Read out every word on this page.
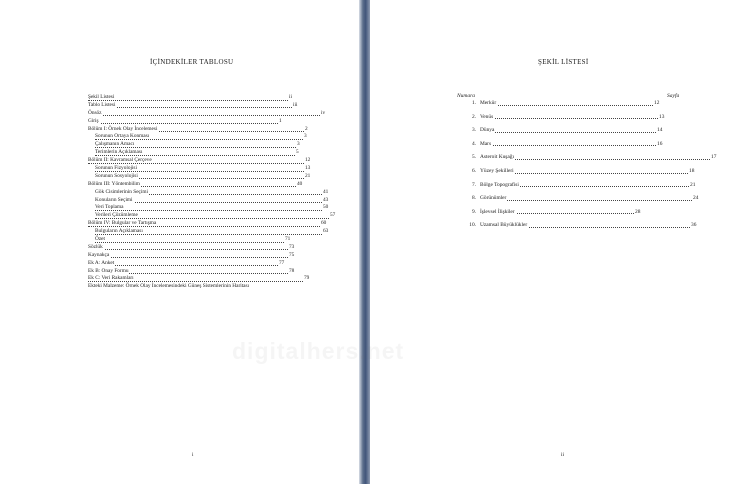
İÇİNDEKİLER TABLOSU
Şekil Listesi	ii
Tablo Listesi	iii
Önsöz	iv
Giriş	1
Bölüm I: Örnek Olay İncelemesi	2
Sorunun Ortaya Konması	3
Çalışmanın Amacı	3
Terimlerin Açıklaması	5
Bölüm II: Kavramsal Çerçeve	12
Sorunun Fizyolojisi	13
Sorunun Sosyolojisi	21
Bölüm III: Yöntembilim	40
Gök Cisimlerinin Seçimi	41
Konuların Seçimi	43
Veri Toplama	50
Verileri Çözümleme	57
Bölüm IV: Bulgular ve Tartışma	60
Bulguların Açıklaması	63
Özet	71
Sözlük	73
Kaynakça	75
Ek A: Anket	77
Ek B: Onay Formu	78
Ek C: Veri Rakamları	79
Ekteki Malzeme: Örnek Olay İncelemesindeki Güneş Sistemlerinin Haritası
i
ŞEKİL LİSTESİ
ii
Numara	Sayfa
1. Merkür	12
2. Venüs	13
3. Dünya	14
4. Mars	16
5. Asteroit Kuşağı	17
6. Yüzey Şekilleri	18
7. Bölge Topografisi	21
8. Görünümler	24
9. İşlevsel İlişkiler	28
10. Uzamsal Büyüklükler	36
digitalhers.net
